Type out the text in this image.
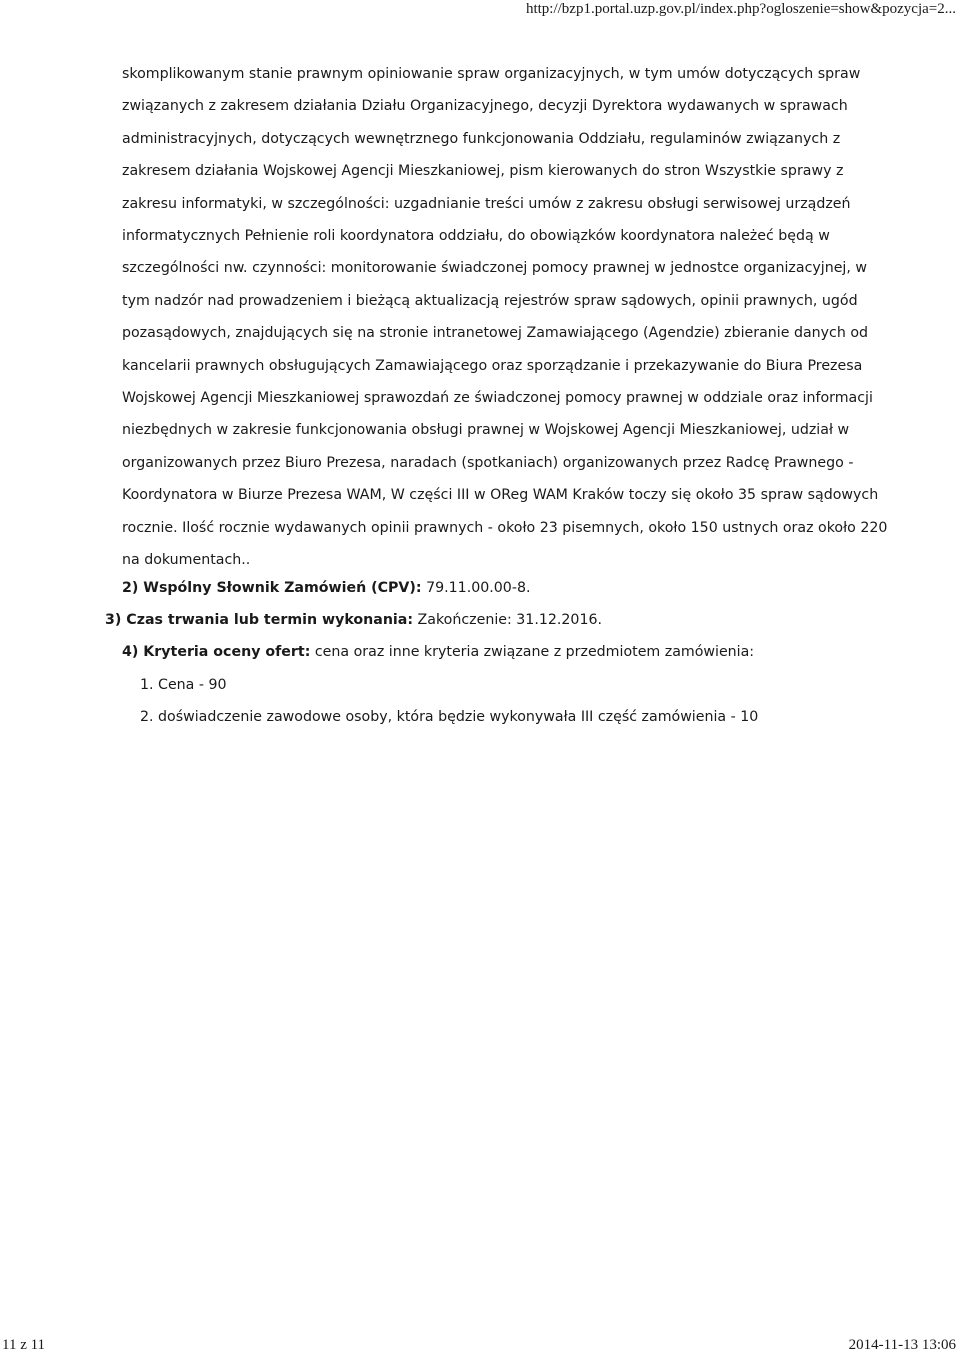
http://bzp1.portal.uzp.gov.pl/index.php?ogloszenie=show&pozycja=2...
skomplikowanym stanie prawnym opiniowanie spraw organizacyjnych, w tym umów dotyczących spraw związanych z zakresem działania Działu Organizacyjnego, decyzji Dyrektora wydawanych w sprawach administracyjnych, dotyczących wewnętrznego funkcjonowania Oddziału, regulaminów związanych z zakresem działania Wojskowej Agencji Mieszkaniowej, pism kierowanych do stron Wszystkie sprawy z zakresu informatyki, w szczególności: uzgadnianie treści umów z zakresu obsługi serwisowej urządzeń informatycznych Pełnienie roli koordynatora oddziału, do obowiązków koordynatora należeć będą w szczególności nw. czynności: monitorowanie świadczonej pomocy prawnej w jednostce organizacyjnej, w tym nadzór nad prowadzeniem i bieżącą aktualizacją rejestrów spraw sądowych, opinii prawnych, ugód pozasądowych, znajdujących się na stronie intranetowej Zamawiającego (Agendzie) zbieranie danych od kancelarii prawnych obsługujących Zamawiającego oraz sporządzanie i przekazywanie do Biura Prezesa Wojskowej Agencji Mieszkaniowej sprawozdań ze świadczonej pomocy prawnej w oddziale oraz informacji niezbędnych w zakresie funkcjonowania obsługi prawnej w Wojskowej Agencji Mieszkaniowej, udział w organizowanych przez Biuro Prezesa, naradach (spotkaniach) organizowanych przez Radcę Prawnego - Koordynatora w Biurze Prezesa WAM, W części III w OReg WAM Kraków toczy się około 35 spraw sądowych rocznie. Ilość rocznie wydawanych opinii prawnych - około 23 pisemnych, około 150 ustnych oraz około 220 na dokumentach..
2) Wspólny Słownik Zamówień (CPV): 79.11.00.00-8.
3) Czas trwania lub termin wykonania: Zakończenie: 31.12.2016.
4) Kryteria oceny ofert: cena oraz inne kryteria związane z przedmiotem zamówienia:
1. Cena - 90
2. doświadczenie zawodowe osoby, która będzie wykonywała III część zamówienia - 10
11 z 11	2014-11-13 13:06
